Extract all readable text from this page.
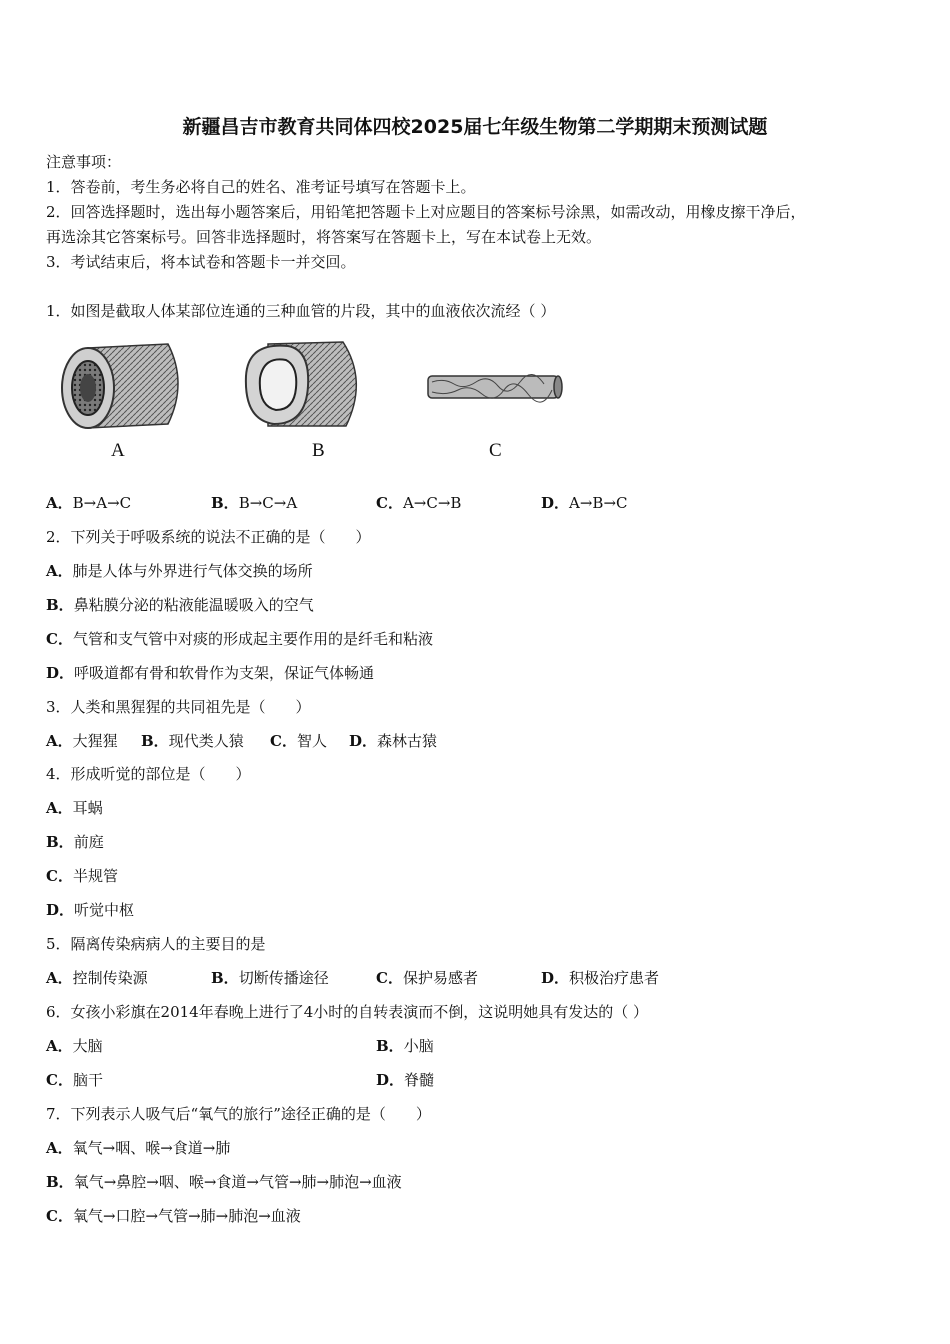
新疆昌吉市教育共同体四校2025届七年级生物第二学期期末预测试题
注意事项：
1．答卷前，考生务必将自己的姓名、准考证号填写在答题卡上。
2．回答选择题时，选出每小题答案后，用铅笔把答题卡上对应题目的答案标号涂黑，如需改动，用橡皮擦干净后，
再选涂其它答案标号。回答非选择题时，将答案写在答题卡上，写在本试卷上无效。
3．考试结束后，将本试卷和答题卡一并交回。
1．如图是截取人体某部位连通的三种血管的片段，其中的血液依次流经（ ）
A	B	C
A．B→A→C	B．B→C→A	C．A→C→B	D．A→B→C
2．下列关于呼吸系统的说法不正确的是（　　）
A．肺是人体与外界进行气体交换的场所
B．鼻粘膜分泌的粘液能温暖吸入的空气
C．气管和支气管中对痰的形成起主要作用的是纤毛和粘液
D．呼吸道都有骨和软骨作为支架，保证气体畅通
3．人类和黑猩猩的共同祖先是（　　）
A．大猩猩 B．现代类人猿 C．智人 D．森林古猿
4．形成听觉的部位是（　　）
A．耳蜗
B．前庭
C．半规管
D．听觉中枢
5．隔离传染病病人的主要目的是
A．控制传染源	B．切断传播途径	C．保护易感者	D．积极治疗患者
6．女孩小彩旗在2014年春晚上进行了4小时的自转表演而不倒，这说明她具有发达的（ ）
A．大脑	B．小脑
C．脑干	D．脊髓
7．下列表示人吸气后“氧气的旅行”途径正确的是（　　）
A．氧气→咽、喉→食道→肺
B．氧气→鼻腔→咽、喉→食道→气管→肺→肺泡→血液
C．氧气→口腔→气管→肺→肺泡→血液
